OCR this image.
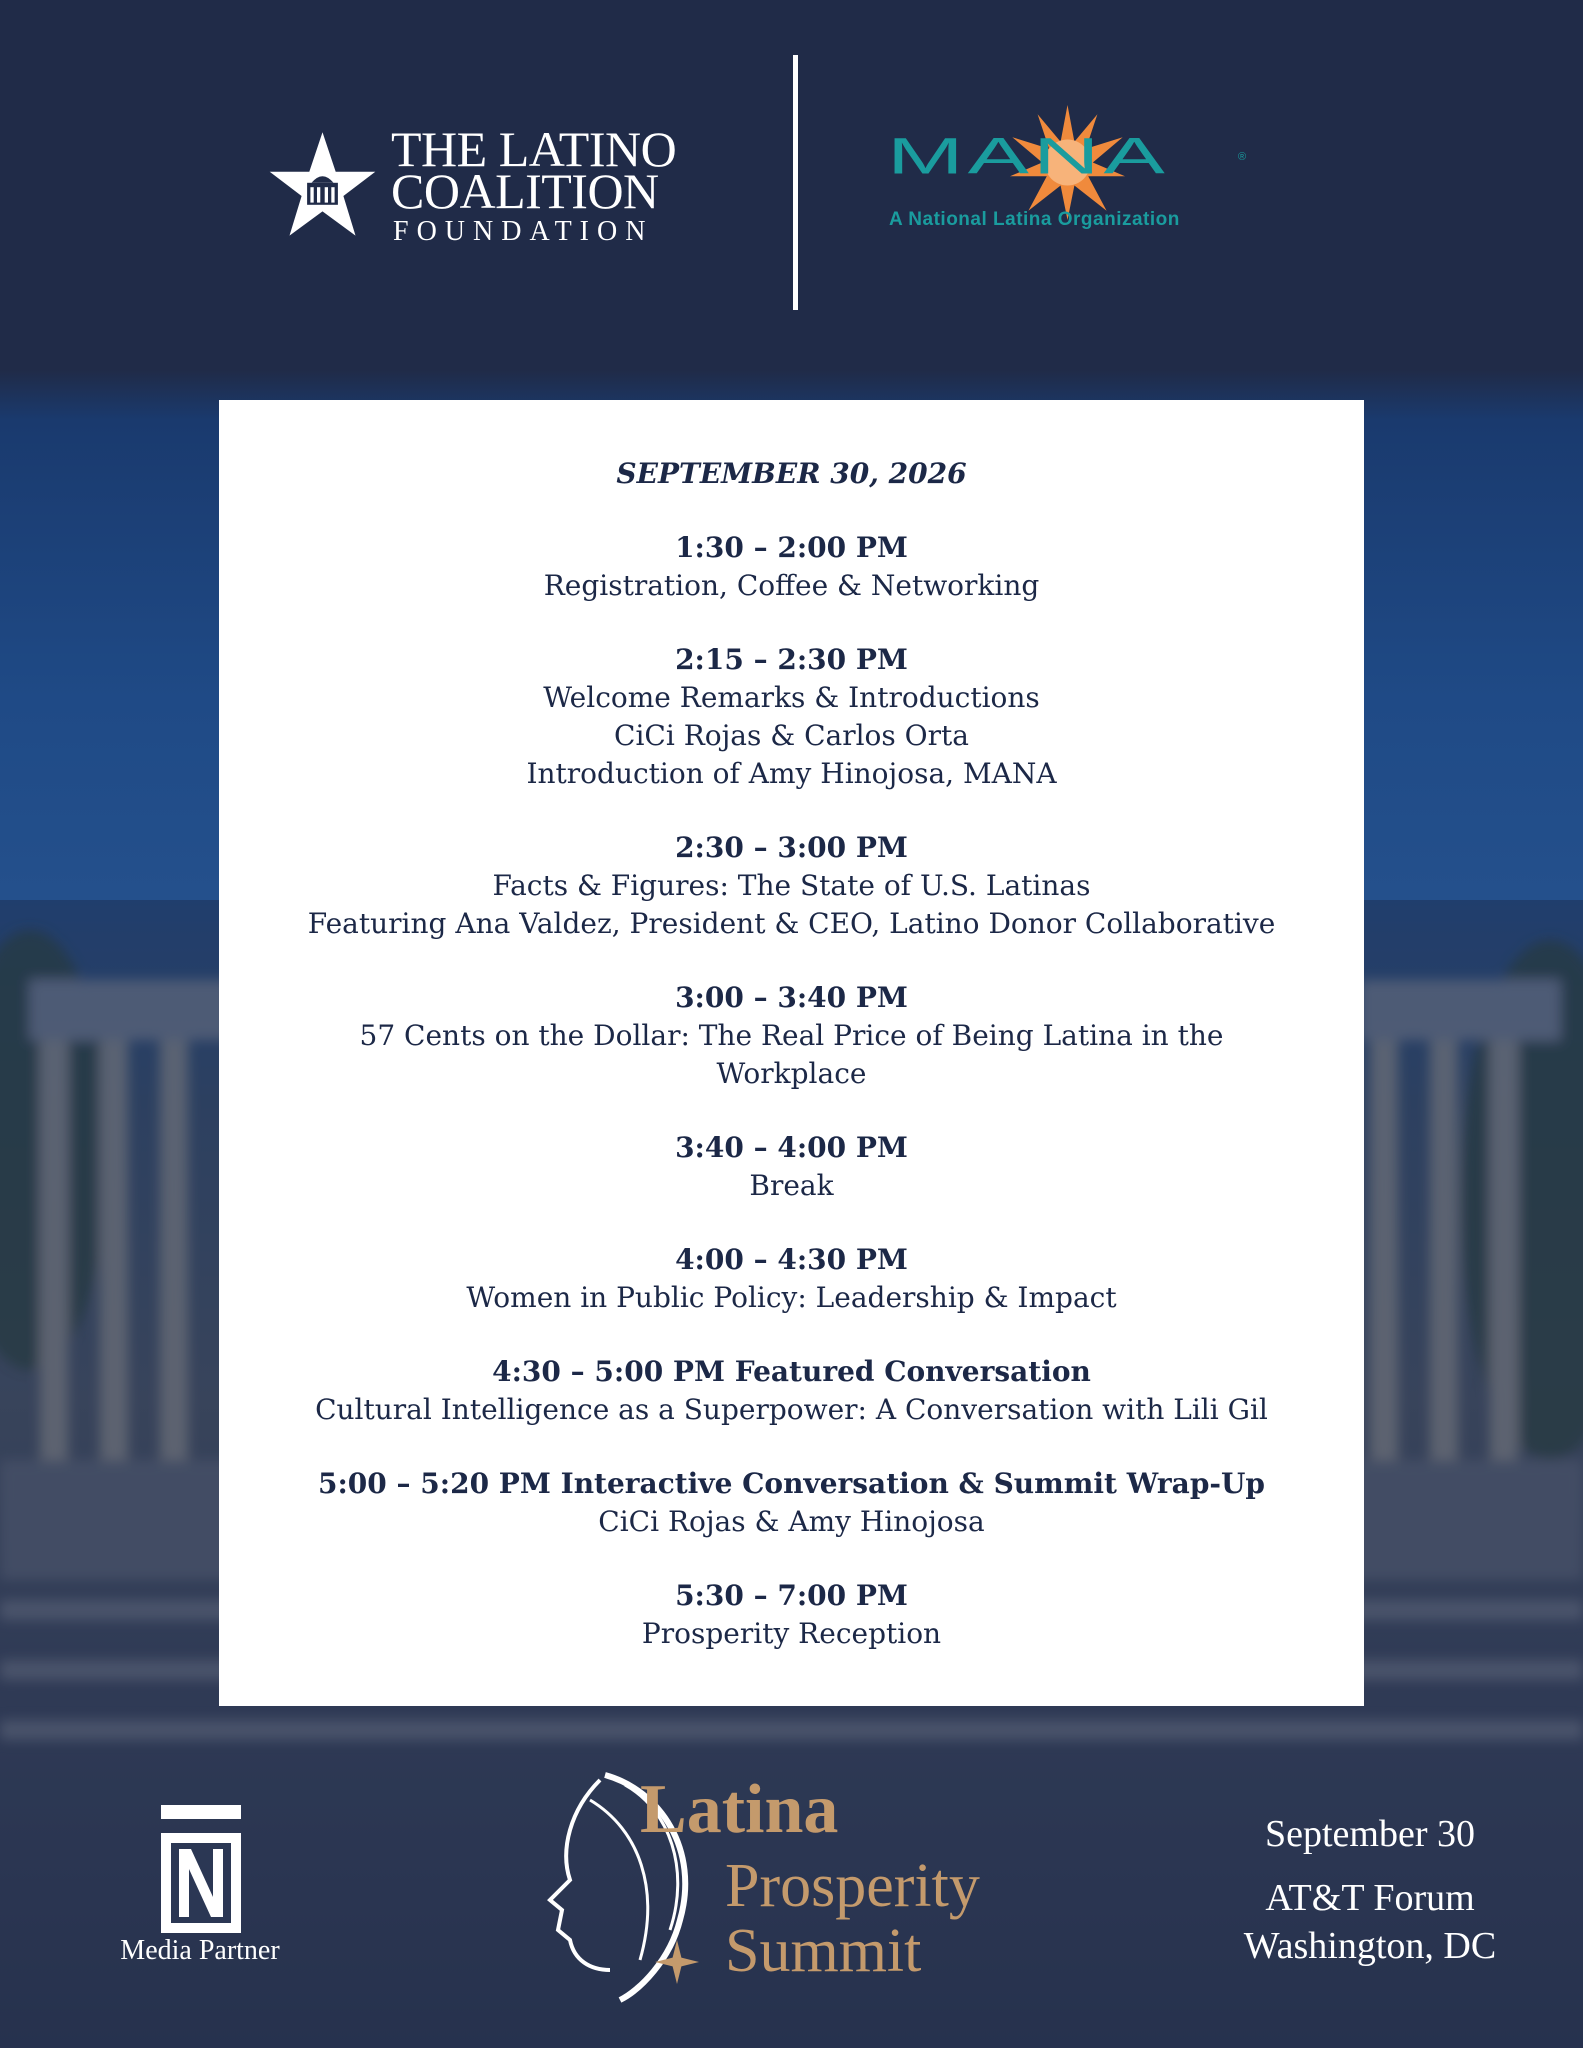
THE LATINO
COALITION
FOUNDATION
MANA	®
A National Latina Organization
SEPTEMBER 30, 2026
1:30 – 2:00 PM
Registration, Coffee & Networking
2:15 – 2:30 PM
Welcome Remarks & Introductions
CiCi Rojas & Carlos Orta
Introduction of Amy Hinojosa, MANA
2:30 – 3:00 PM
Facts & Figures: The State of U.S. Latinas
Featuring Ana Valdez, President & CEO, Latino Donor Collaborative
3:00 – 3:40 PM
57 Cents on the Dollar: The Real Price of Being Latina in the
Workplace
3:40 – 4:00 PM
Break
4:00 – 4:30 PM
Women in Public Policy: Leadership & Impact
4:30 – 5:00 PM Featured Conversation
Cultural Intelligence as a Superpower: A Conversation with Lili Gil
5:00 – 5:20 PM Interactive Conversation & Summit Wrap-Up
CiCi Rojas & Amy Hinojosa
5:30 – 7:00 PM
Prosperity Reception
Media Partner
Latina
Prosperity
Summit
September 30
AT&T Forum
Washington, DC
